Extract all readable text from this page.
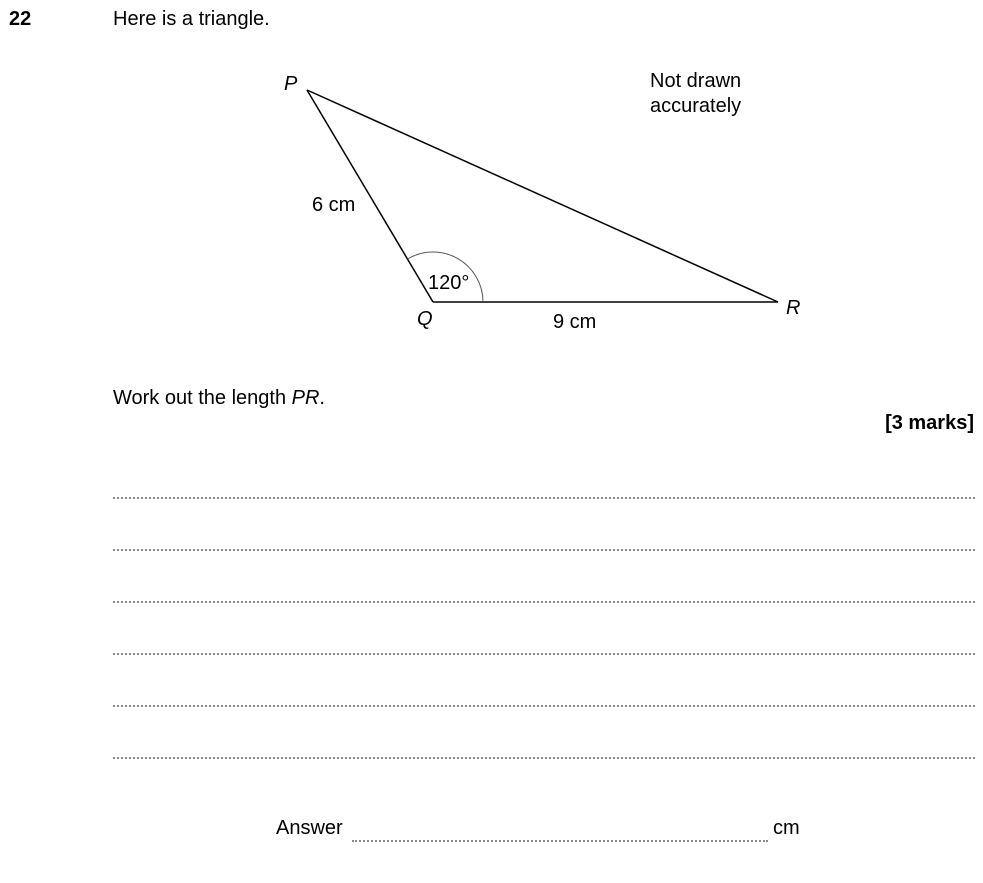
22	Here is a triangle.
P
Q	R
6 cm
9 cm
120°
Not drawn
accurately
Work out the length PR.
[3 marks]
Answer	cm
